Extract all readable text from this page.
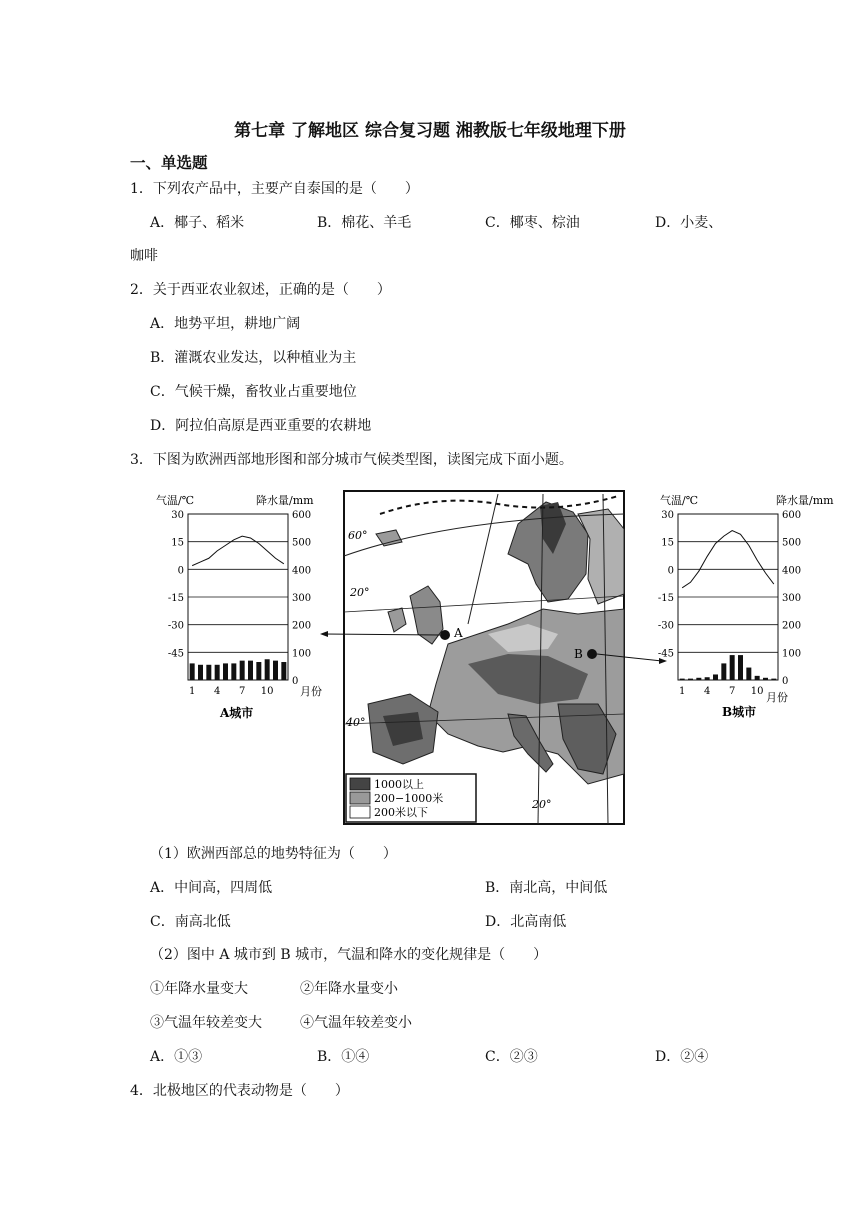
第七章 了解地区 综合复习题 湘教版七年级地理下册
一、单选题
1．下列农产品中，主要产自泰国的是（　　）
A．椰子、稻米	B．棉花、羊毛	C．椰枣、棕油	D．小麦、
咖啡
2．关于西亚农业叙述，正确的是（　　）
A．地势平坦，耕地广阔
B．灌溉农业发达，以种植业为主
C．气候干燥，畜牧业占重要地位
D．阿拉伯高原是西亚重要的农耕地
3．下图为欧洲西部地形图和部分城市气候类型图，读图完成下面小题。
60°
20°
40°
20°
A
B
1000以上
200−1000米
200米以下
气温/℃	降水量/mm
月份
A城市
30
15
0
-15
-30
-45
600
500
400
300
200
100
0
1 4 7 10
气温/℃	降水量/mm
月份
B城市
30
15
0
-15
-30
-45
600
500
400
300
200
100
0
1 4 7 10
（1）欧洲西部总的地势特征为（　　）
A．中间高，四周低	B．南北高，中间低
C．南高北低	D．北高南低
（2）图中 A 城市到 B 城市，气温和降水的变化规律是（　　）
①年降水量变大	②年降水量变小
③气温年较差变大	④气温年较差变小
A．①③	B．①④	C．②③	D．②④
4．北极地区的代表动物是（　　）
